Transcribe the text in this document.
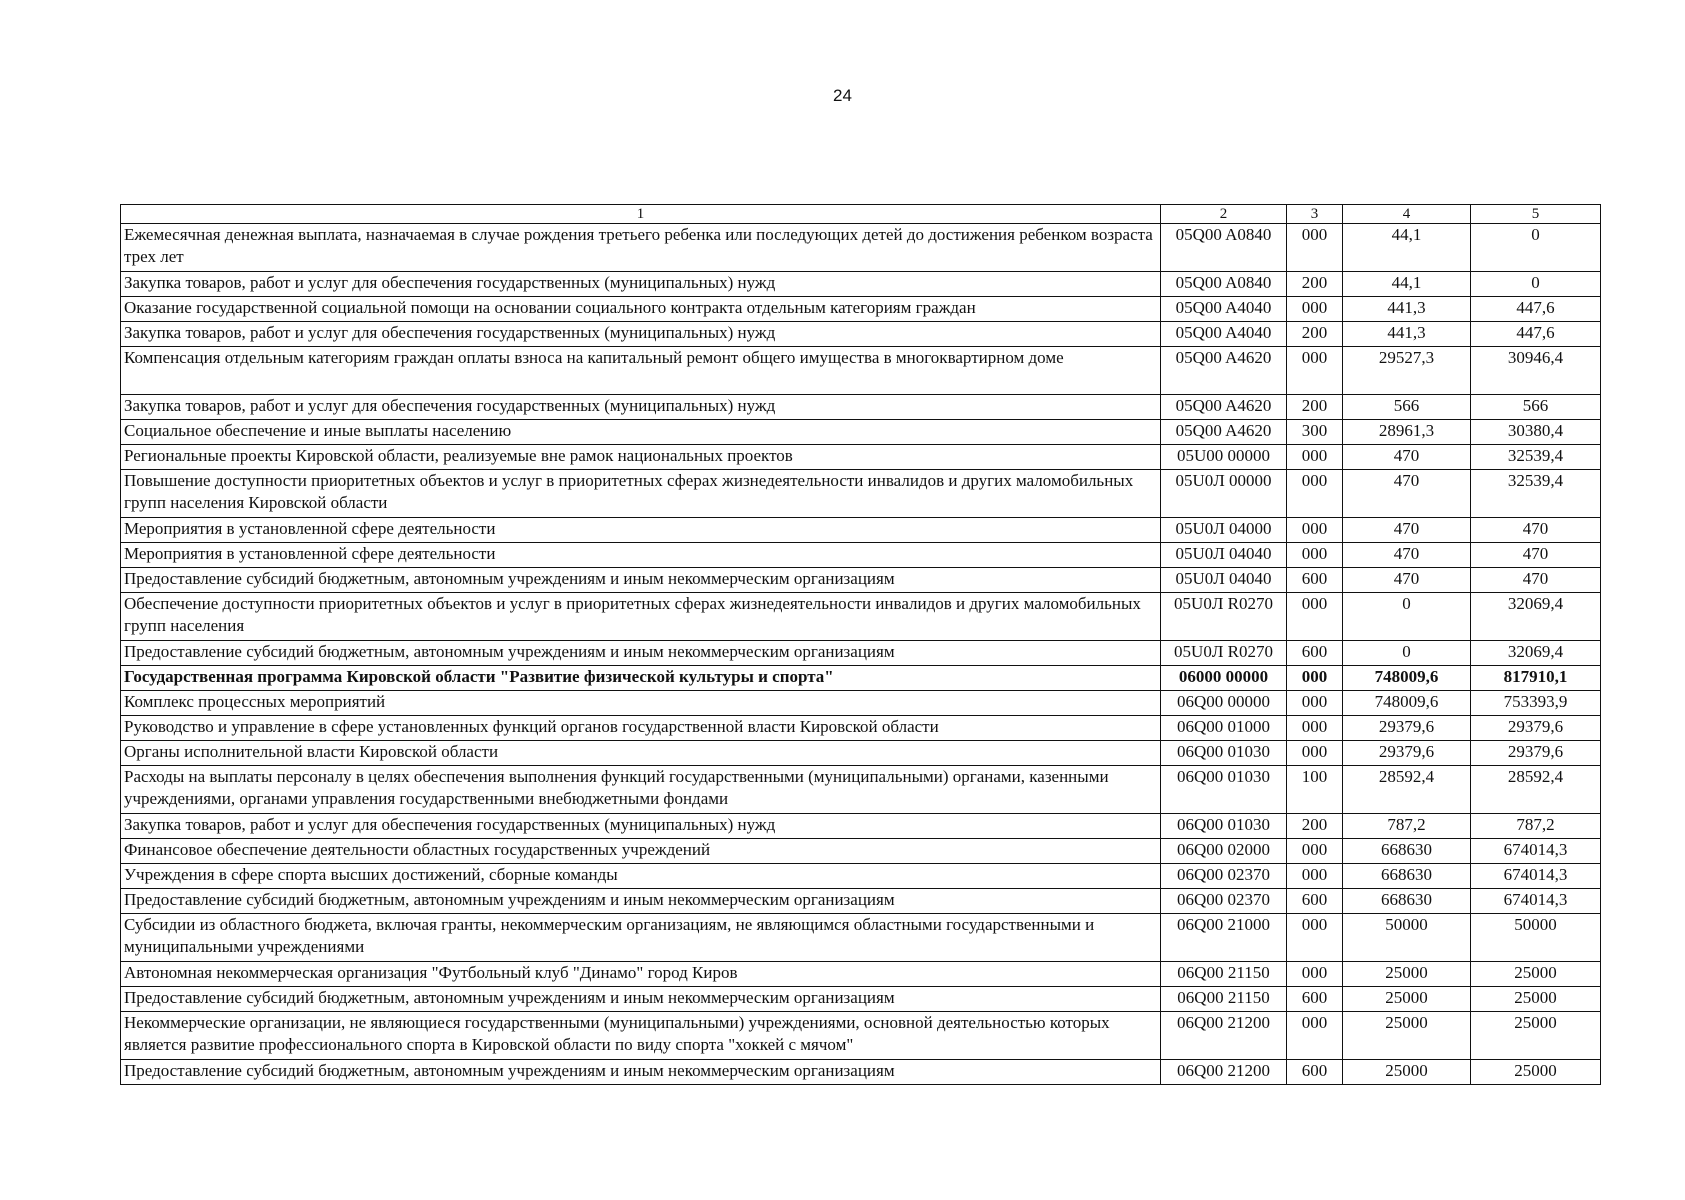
24
1	2	3	4	5
Ежемесячная денежная выплата, назначаемая в случае рождения третьего ребенка или последующих детей до достижения ребенком возраста трех лет	05Q00 A0840	000	44,1	0
Закупка товаров, работ и услуг для обеспечения государственных (муниципальных) нужд	05Q00 A0840	200	44,1	0
Оказание государственной социальной помощи на основании социального контракта отдельным категориям граждан	05Q00 A4040	000	441,3	447,6
Закупка товаров, работ и услуг для обеспечения государственных (муниципальных) нужд	05Q00 A4040	200	441,3	447,6
Компенсация отдельным категориям граждан оплаты взноса на капитальный ремонт общего имущества в многоквартирном доме	05Q00 A4620	000	29527,3	30946,4
Закупка товаров, работ и услуг для обеспечения государственных (муниципальных) нужд	05Q00 A4620	200	566	566
Социальное обеспечение и иные выплаты населению	05Q00 A4620	300	28961,3	30380,4
Региональные проекты Кировской области, реализуемые вне рамок национальных проектов	05U00 00000	000	470	32539,4
Повышение доступности приоритетных объектов и услуг в приоритетных сферах жизнедеятельности инвалидов и других маломобильных групп населения Кировской области	05U0Л 00000	000	470	32539,4
Мероприятия в установленной сфере деятельности	05U0Л 04000	000	470	470
Мероприятия в установленной сфере деятельности	05U0Л 04040	000	470	470
Предоставление субсидий бюджетным, автономным учреждениям и иным некоммерческим организациям	05U0Л 04040	600	470	470
Обеспечение доступности приоритетных объектов и услуг в приоритетных сферах жизнедеятельности инвалидов и других маломобильных групп населения	05U0Л R0270	000	0	32069,4
Предоставление субсидий бюджетным, автономным учреждениям и иным некоммерческим организациям	05U0Л R0270	600	0	32069,4
Государственная программа Кировской области "Развитие физической культуры и спорта"	06000 00000	000	748009,6	817910,1
Комплекс процессных мероприятий	06Q00 00000	000	748009,6	753393,9
Руководство и управление в сфере установленных функций органов государственной власти Кировской области	06Q00 01000	000	29379,6	29379,6
Органы исполнительной власти Кировской области	06Q00 01030	000	29379,6	29379,6
Расходы на выплаты персоналу в целях обеспечения выполнения функций государственными (муниципальными) органами, казенными учреждениями, органами управления государственными внебюджетными фондами	06Q00 01030	100	28592,4	28592,4
Закупка товаров, работ и услуг для обеспечения государственных (муниципальных) нужд	06Q00 01030	200	787,2	787,2
Финансовое обеспечение деятельности областных государственных учреждений	06Q00 02000	000	668630	674014,3
Учреждения в сфере спорта высших достижений, сборные команды	06Q00 02370	000	668630	674014,3
Предоставление субсидий бюджетным, автономным учреждениям и иным некоммерческим организациям	06Q00 02370	600	668630	674014,3
Субсидии из областного бюджета, включая гранты, некоммерческим организациям, не являющимся областными государственными и муниципальными учреждениями	06Q00 21000	000	50000	50000
Автономная некоммерческая организация "Футбольный клуб "Динамо" город Киров	06Q00 21150	000	25000	25000
Предоставление субсидий бюджетным, автономным учреждениям и иным некоммерческим организациям	06Q00 21150	600	25000	25000
Некоммерческие организации, не являющиеся государственными (муниципальными) учреждениями, основной деятельностью которых является развитие профессионального спорта в Кировской области по виду спорта "хоккей с мячом"	06Q00 21200	000	25000	25000
Предоставление субсидий бюджетным, автономным учреждениям и иным некоммерческим организациям	06Q00 21200	600	25000	25000
